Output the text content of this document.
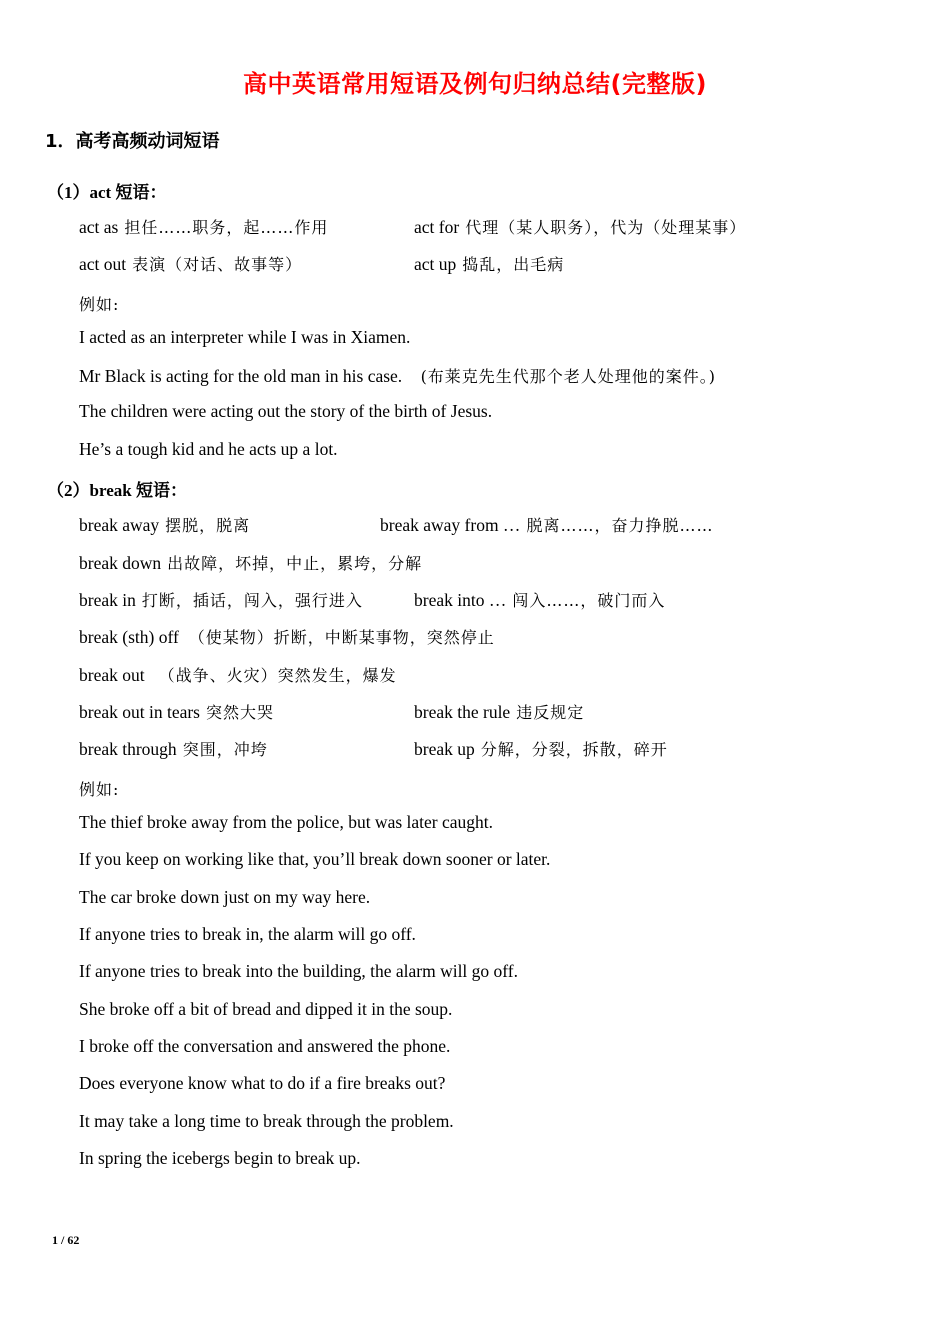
高中英语常用短语及例句归纳总结(完整版)
1．高考高频动词短语
（1）act 短语：
act as 担任……职务，起……作用	act for 代理（某人职务），代为（处理某事）
act out 表演（对话、故事等）	act up 捣乱，出毛病
例如:
I acted as an interpreter while I was in Xiamen.
Mr Black is acting for the old man in his case. (布莱克先生代那个老人处理他的案件。)
The children were acting out the story of the birth of Jesus.
He’s a tough kid and he acts up a lot.
（2）break 短语：
break away 摆脱，脱离	break away from … 脱离……，奋力挣脱……
break down 出故障，坏掉，中止，累垮，分解
break in 打断，插话，闯入，强行进入	break into … 闯入……，破门而入
break (sth) off （使某物）折断，中断某事物，突然停止
break out （战争、火灾）突然发生，爆发
break out in tears 突然大哭	break the rule 违反规定
break through 突围，冲垮	break up 分解，分裂，拆散，碎开
例如:
The thief broke away from the police, but was later caught.
If you keep on working like that, you’ll break down sooner or later.
The car broke down just on my way here.
If anyone tries to break in, the alarm will go off.
If anyone tries to break into the building, the alarm will go off.
She broke off a bit of bread and dipped it in the soup.
I broke off the conversation and answered the phone.
Does everyone know what to do if a fire breaks out?
It may take a long time to break through the problem.
In spring the icebergs begin to break up.
1 / 62
